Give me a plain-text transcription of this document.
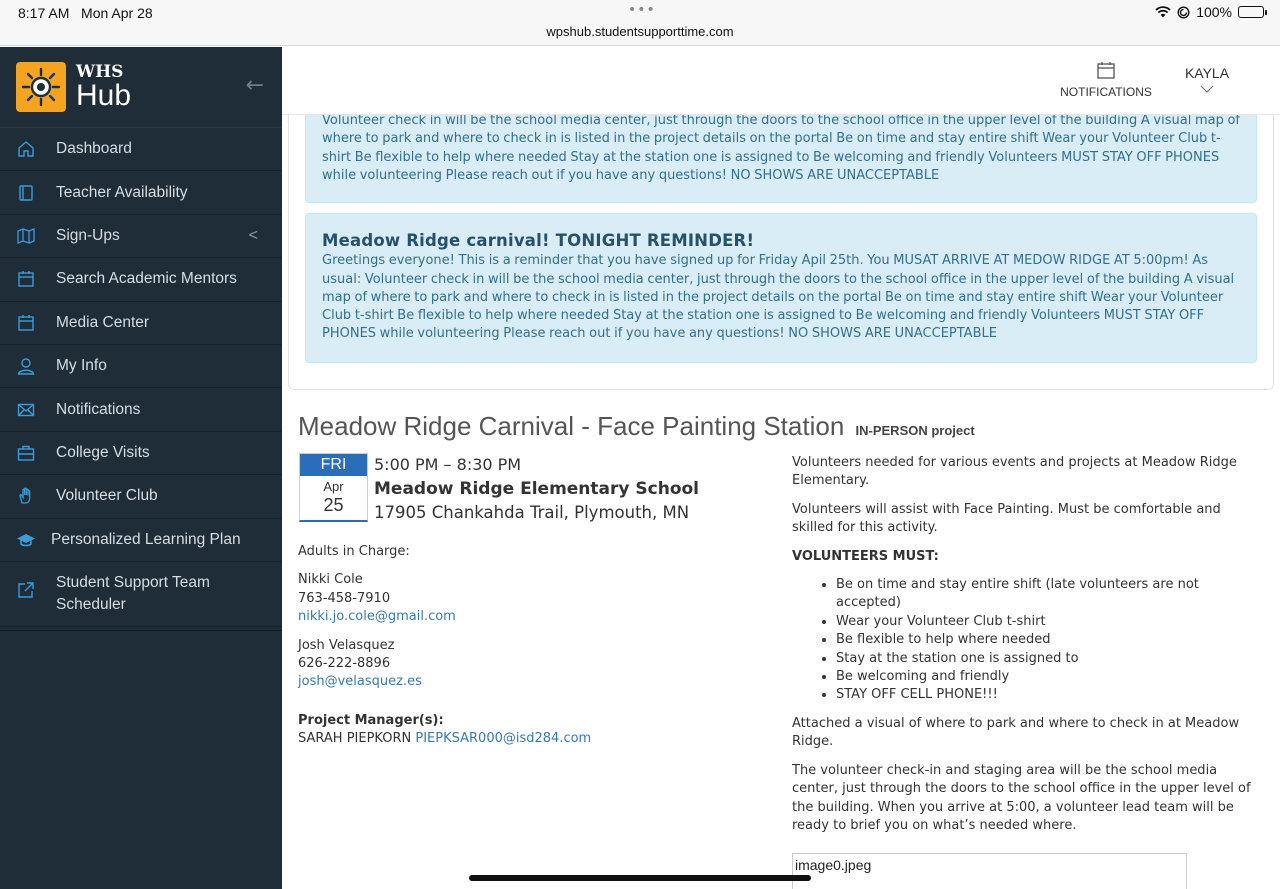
8:17 AM Mon Apr 28	•••
wpshub.studentsupporttime.com
100%
WHS
Hub	←
Dashboard
Teacher Availability
Sign-Ups	<
Search Academic Mentors
Media Center
My Info
Notifications
College Visits
Volunteer Club
Personalized Learning Plan
Student Support Team Scheduler
NOTIFICATIONS
KAYLA
Volunteer check in will be the school media center, just through the doors to the school office in the upper level of the building A visual map of where to park and where to check in is listed in the project details on the portal Be on time and stay entire shift Wear your Volunteer Club t-shirt Be flexible to help where needed Stay at the station one is assigned to Be welcoming and friendly Volunteers MUST STAY OFF PHONES while volunteering Please reach out if you have any questions! NO SHOWS ARE UNACCEPTABLE
Meadow Ridge carnival! TONIGHT REMINDER!
Greetings everyone! This is a reminder that you have signed up for Friday Apil 25th. You MUSAT ARRIVE AT MEDOW RIDGE AT 5:00pm! As usual: Volunteer check in will be the school media center, just through the doors to the school office in the upper level of the building A visual map of where to park and where to check in is listed in the project details on the portal Be on time and stay entire shift Wear your Volunteer Club t-shirt Be flexible to help where needed Stay at the station one is assigned to Be welcoming and friendly Volunteers MUST STAY OFF PHONES while volunteering Please reach out if you have any questions! NO SHOWS ARE UNACCEPTABLE
Meadow Ridge Carnival - Face Painting Station IN-PERSON project
FRI
Apr
25
5:00 PM – 8:30 PM
Meadow Ridge Elementary School
17905 Chankahda Trail, Plymouth, MN

Adults in Charge:

Nikki Cole
763-458-7910
nikki.jo.cole@gmail.com

Josh Velasquez
626-222-8896
josh@velasquez.es

Project Manager(s):
SARAH PIEPKORN PIEPKSAR000@isd284.com

Volunteers needed for various events and projects at Meadow Ridge Elementary.

Volunteers will assist with Face Painting. Must be comfortable and skilled for this activity.

VOLUNTEERS MUST:

• Be on time and stay entire shift (late volunteers are not accepted)
• Wear your Volunteer Club t-shirt
• Be flexible to help where needed
• Stay at the station one is assigned to
• Be welcoming and friendly
• STAY OFF CELL PHONE!!!

Attached a visual of where to park and where to check in at Meadow Ridge.

The volunteer check-in and staging area will be the school media center, just through the doors to the school office in the upper level of the building. When you arrive at 5:00, a volunteer lead team will be ready to brief you on what’s needed where.

image0.jpeg
